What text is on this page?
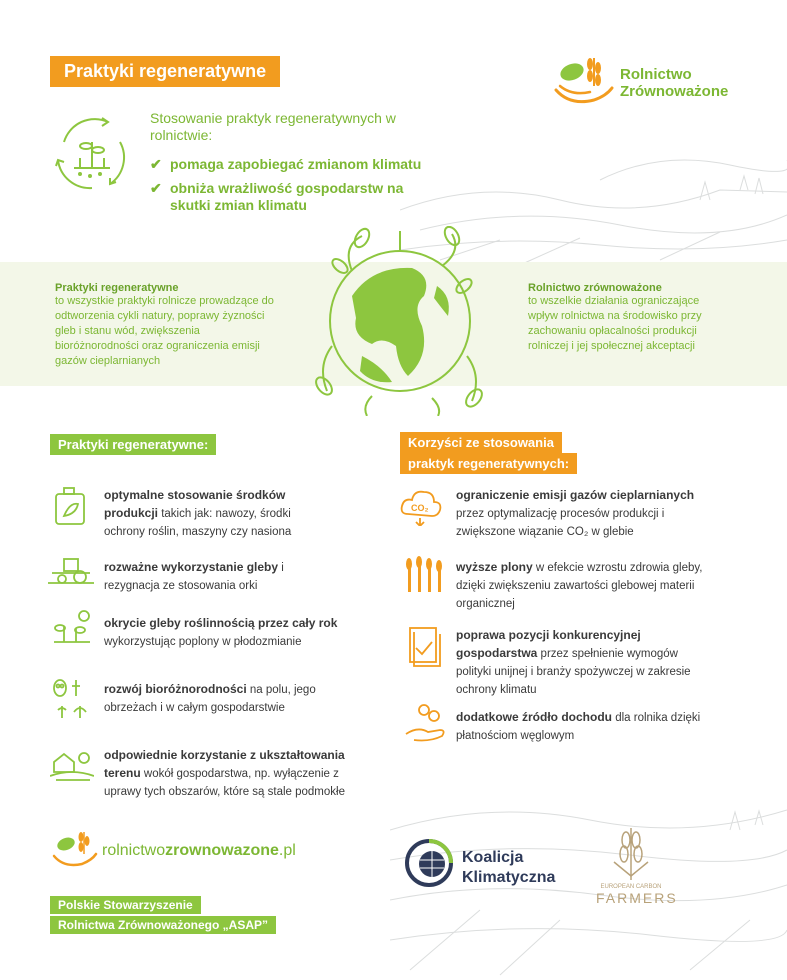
Praktyki regeneratywne	Rolnictwo
Zrównoważone
Stosowanie praktyk regeneratywnych w rolnictwie:
✔ pomaga zapobiegać zmianom klimatu
✔ obniża wrażliwość gospodarstw na skutki zmian klimatu
Praktyki regeneratywne
to wszystkie praktyki rolnicze prowadzące do odtworzenia cykli natury, poprawy żyzności gleb i stanu wód, zwiększenia bioróżnorodności oraz ograniczenia emisji gazów cieplarnianych
Rolnictwo zrównoważone
to wszelkie działania ograniczające wpływ rolnictwa na środowisko przy zachowaniu opłacalności produkcji rolniczej i jej społecznej akceptacji
Praktyki regeneratywne:	Korzyści ze stosowania
praktyk regeneratywnych:
optymalne stosowanie środków produkcji takich jak: nawozy, środki ochrony roślin, maszyny czy nasiona
rozważne wykorzystanie gleby i rezygnacja ze stosowania orki
okrycie gleby roślinnością przez cały rok wykorzystując poplony w płodozmianie
rozwój bioróżnorodności na polu, jego obrzeżach i w całym gospodarstwie
odpowiednie korzystanie z ukształtowania terenu wokół gospodarstwa, np. wyłączenie z uprawy tych obszarów, które są stale podmokłe
CO₂
ograniczenie emisji gazów cieplarnianych przez optymalizację procesów produkcji i zwiększone wiązanie CO₂ w glebie
wyższe plony w efekcie wzrostu zdrowia gleby, dzięki zwiększeniu zawartości glebowej materii organicznej
poprawa pozycji konkurencyjnej gospodarstwa przez spełnienie wymogów polityki unijnej i branży spożywczej w zakresie ochrony klimatu
dodatkowe źródło dochodu dla rolnika dzięki płatnościom węglowym
rolnictwozrownowazone.pl
Polskie Stowarzyszenie
Rolnictwa Zrównoważonego „ASAP”
Koalicja
Klimatyczna
EUROPEAN CARBON
FARMERS
